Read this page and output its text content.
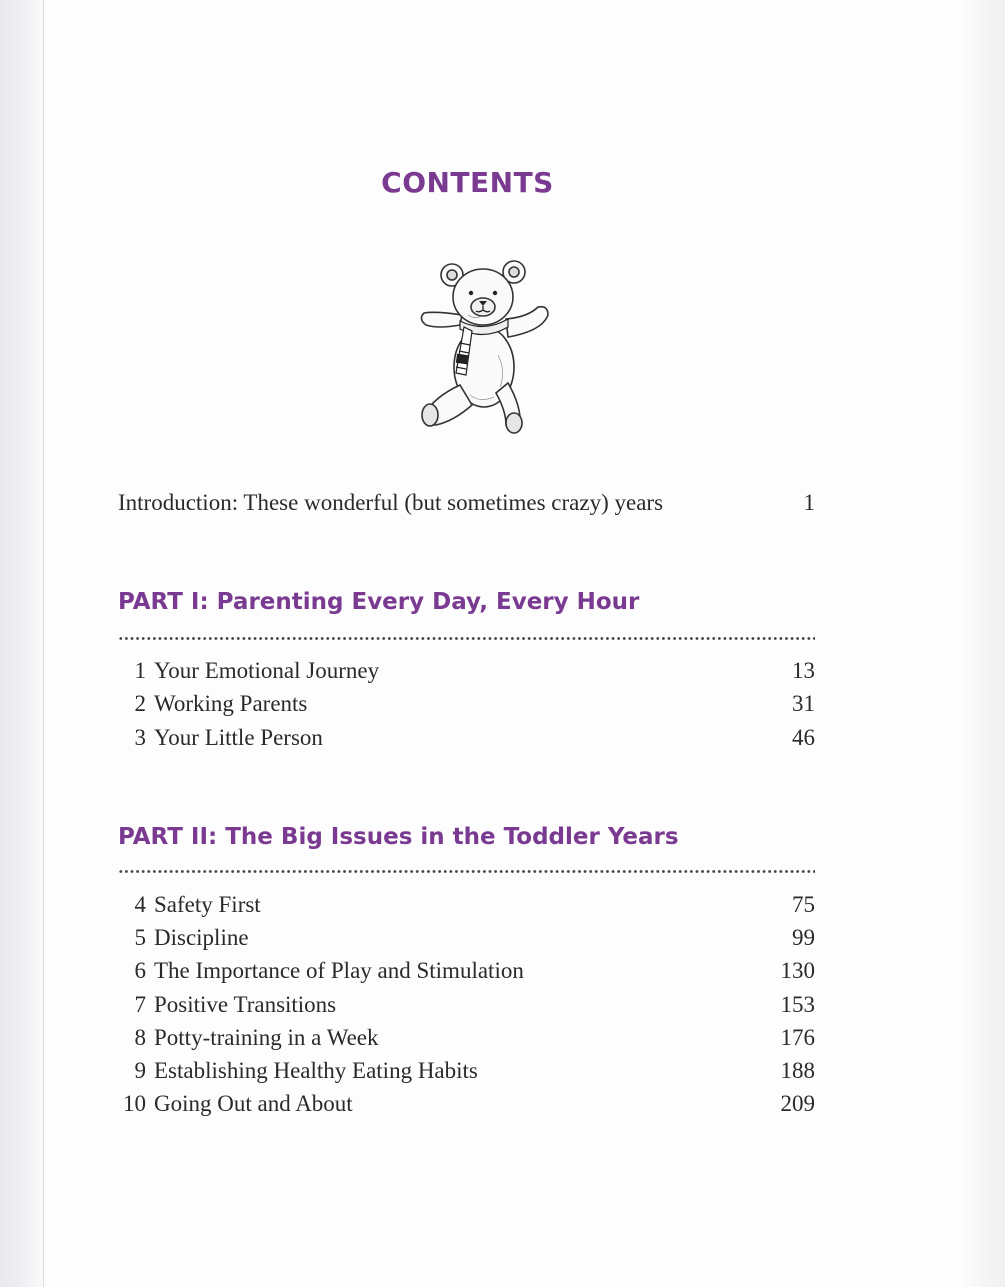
CONTENTS
Introduction: These wonderful (but sometimes crazy) years	1
PART I: Parenting Every Day, Every Hour
1 Your Emotional Journey	13
2 Working Parents	31
3 Your Little Person	46
PART II: The Big Issues in the Toddler Years
4 Safety First	75
5 Discipline	99
6 The Importance of Play and Stimulation	130
7 Positive Transitions	153
8 Potty-training in a Week	176
9 Establishing Healthy Eating Habits	188
10 Going Out and About	209
